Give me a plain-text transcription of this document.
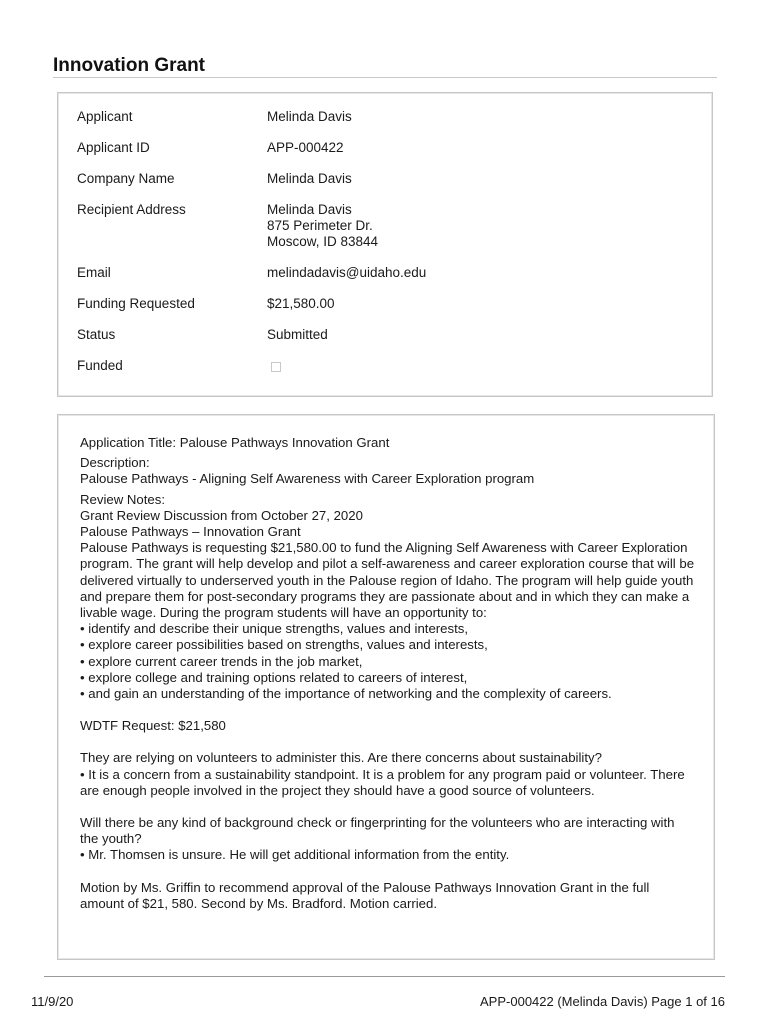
Innovation Grant
Applicant	Melinda Davis
Applicant ID	APP-000422
Company Name	Melinda Davis
Recipient Address	Melinda Davis
875 Perimeter Dr.
Moscow, ID 83844
Email	melindadavis@uidaho.edu
Funding Requested	$21,580.00
Status	Submitted
Funded

Application Title: Palouse Pathways Innovation Grant

Description:

Palouse Pathways - Aligning Self Awareness with Career Exploration program

Review Notes:

Grant Review Discussion from October 27, 2020

Palouse Pathways – Innovation Grant

Palouse Pathways is requesting $21,580.00 to fund the Aligning Self Awareness with Career Exploration program. The grant will help develop and pilot a self-awareness and career exploration course that will be delivered virtually to underserved youth in the Palouse region of Idaho. The program will help guide youth and prepare them for post-secondary programs they are passionate about and in which they can make a livable wage. During the program students will have an opportunity to:

• identify and describe their unique strengths, values and interests,

• explore career possibilities based on strengths, values and interests,

• explore current career trends in the job market,

• explore college and training options related to careers of interest,

• and gain an understanding of the importance of networking and the complexity of careers.

WDTF Request: $21,580

They are relying on volunteers to administer this. Are there concerns about sustainability?

• It is a concern from a sustainability standpoint. It is a problem for any program paid or volunteer. There are enough people involved in the project they should have a good source of volunteers.

Will there be any kind of background check or fingerprinting for the volunteers who are interacting with the youth?

• Mr. Thomsen is unsure. He will get additional information from the entity.

Motion by Ms. Griffin to recommend approval of the Palouse Pathways Innovation Grant in the full amount of $21, 580. Second by Ms. Bradford. Motion carried.

11/9/20	APP-000422 (Melinda Davis) Page 1 of 16
